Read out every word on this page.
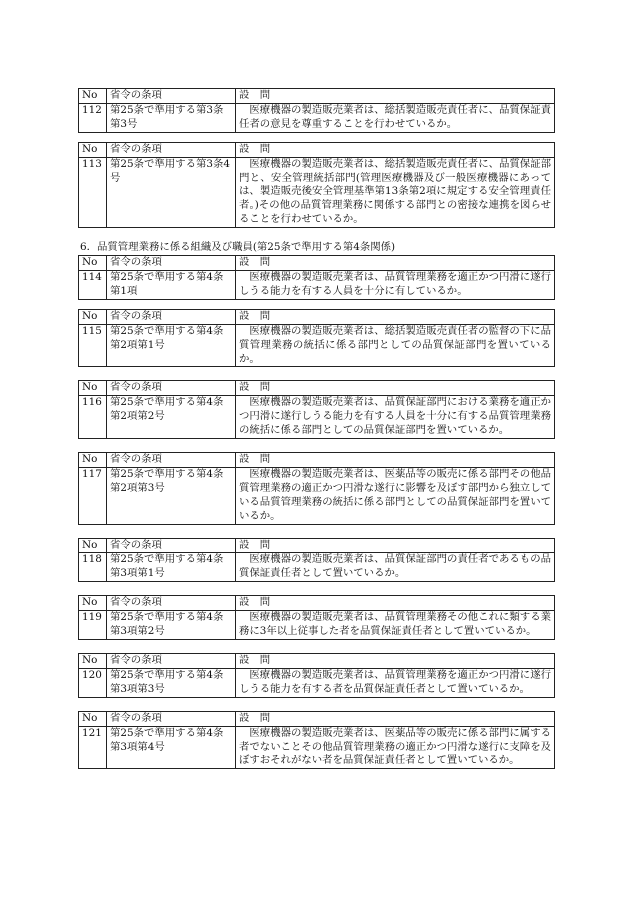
No	省令の条項	設　問
112	第25条で準用する第3条第3号	医療機器の製造販売業者は、総括製造販売責任者に、品質保証責任者の意見を尊重することを行わせているか。
No	省令の条項	設　問
113	第25条で準用する第3条4号	医療機器の製造販売業者は、総括製造販売責任者に、品質保証部門と、安全管理統括部門(管理医療機器及び一般医療機器にあっては、製造販売後安全管理基準第13条第2項に規定する安全管理責任者。)その他の品質管理業務に関係する部門との密接な連携を図らせることを行わせているか。

6．品質管理業務に係る組織及び職員(第25条で準用する第4条関係)

No	省令の条項	設　問
114	第25条で準用する第4条第1項	医療機器の製造販売業者は、品質管理業務を適正かつ円滑に遂行しうる能力を有する人員を十分に有しているか。
No	省令の条項	設　問
115	第25条で準用する第4条第2項第1号	医療機器の製造販売業者は、総括製造販売責任者の監督の下に品質管理業務の統括に係る部門としての品質保証部門を置いているか。
No	省令の条項	設　問
116	第25条で準用する第4条第2項第2号	医療機器の製造販売業者は、品質保証部門における業務を適正かつ円滑に遂行しうる能力を有する人員を十分に有する品質管理業務の統括に係る部門としての品質保証部門を置いているか。
No	省令の条項	設　問
117	第25条で準用する第4条第2項第3号	医療機器の製造販売業者は、医薬品等の販売に係る部門その他品質管理業務の適正かつ円滑な遂行に影響を及ぼす部門から独立している品質管理業務の統括に係る部門としての品質保証部門を置いているか。
No	省令の条項	設　問
118	第25条で準用する第4条第3項第1号	医療機器の製造販売業者は、品質保証部門の責任者であるもの品質保証責任者として置いているか。
No	省令の条項	設　問
119	第25条で準用する第4条第3項第2号	医療機器の製造販売業者は、品質管理業務その他これに類する業務に3年以上従事した者を品質保証責任者として置いているか。
No	省令の条項	設　問
120	第25条で準用する第4条第3項第3号	医療機器の製造販売業者は、品質管理業務を適正かつ円滑に遂行しうる能力を有する者を品質保証責任者として置いているか。
No	省令の条項	設　問
121	第25条で準用する第4条第3項第4号	医療機器の製造販売業者は、医薬品等の販売に係る部門に属する者でないことその他品質管理業務の適正かつ円滑な遂行に支障を及ぼすおそれがない者を品質保証責任者として置いているか。
